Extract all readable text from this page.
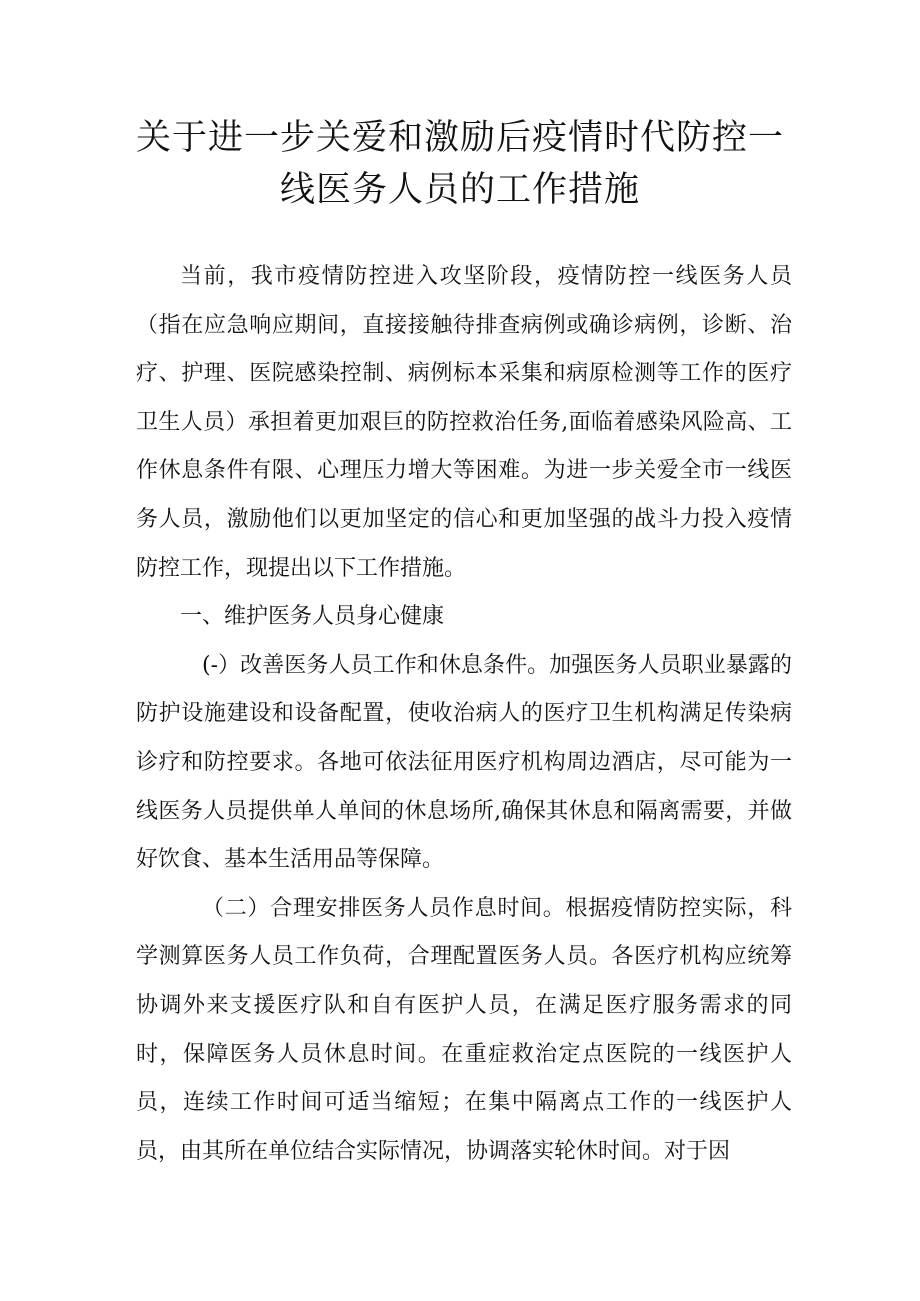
关于进一步关爱和激励后疫情时代防控一
线医务人员的工作措施

当前，我市疫情防控进入攻坚阶段，疫情防控一线医务人员（指在应急响应期间，直接接触待排查病例或确诊病例，诊断、治疗、护理、医院感染控制、病例标本采集和病原检测等工作的医疗卫生人员）承担着更加艰巨的防控救治任务,面临着感染风险高、工作休息条件有限、心理压力增大等困难。为进一步关爱全市一线医务人员，激励他们以更加坚定的信心和更加坚强的战斗力投入疫情防控工作，现提出以下工作措施。

一、维护医务人员身心健康

(-）改善医务人员工作和休息条件。加强医务人员职业暴露的防护设施建设和设备配置，使收治病人的医疗卫生机构满足传染病诊疗和防控要求。各地可依法征用医疗机构周边酒店，尽可能为一线医务人员提供单人单间的休息场所,确保其休息和隔离需要，并做好饮食、基本生活用品等保障。

（二）合理安排医务人员作息时间。根据疫情防控实际，科学测算医务人员工作负荷，合理配置医务人员。各医疗机构应统筹协调外来支援医疗队和自有医护人员，在满足医疗服务需求的同时，保障医务人员休息时间。在重症救治定点医院的一线医护人员，连续工作时间可适当缩短；在集中隔离点工作的一线医护人员，由其所在单位结合实际情况，协调落实轮休时间。对于因
